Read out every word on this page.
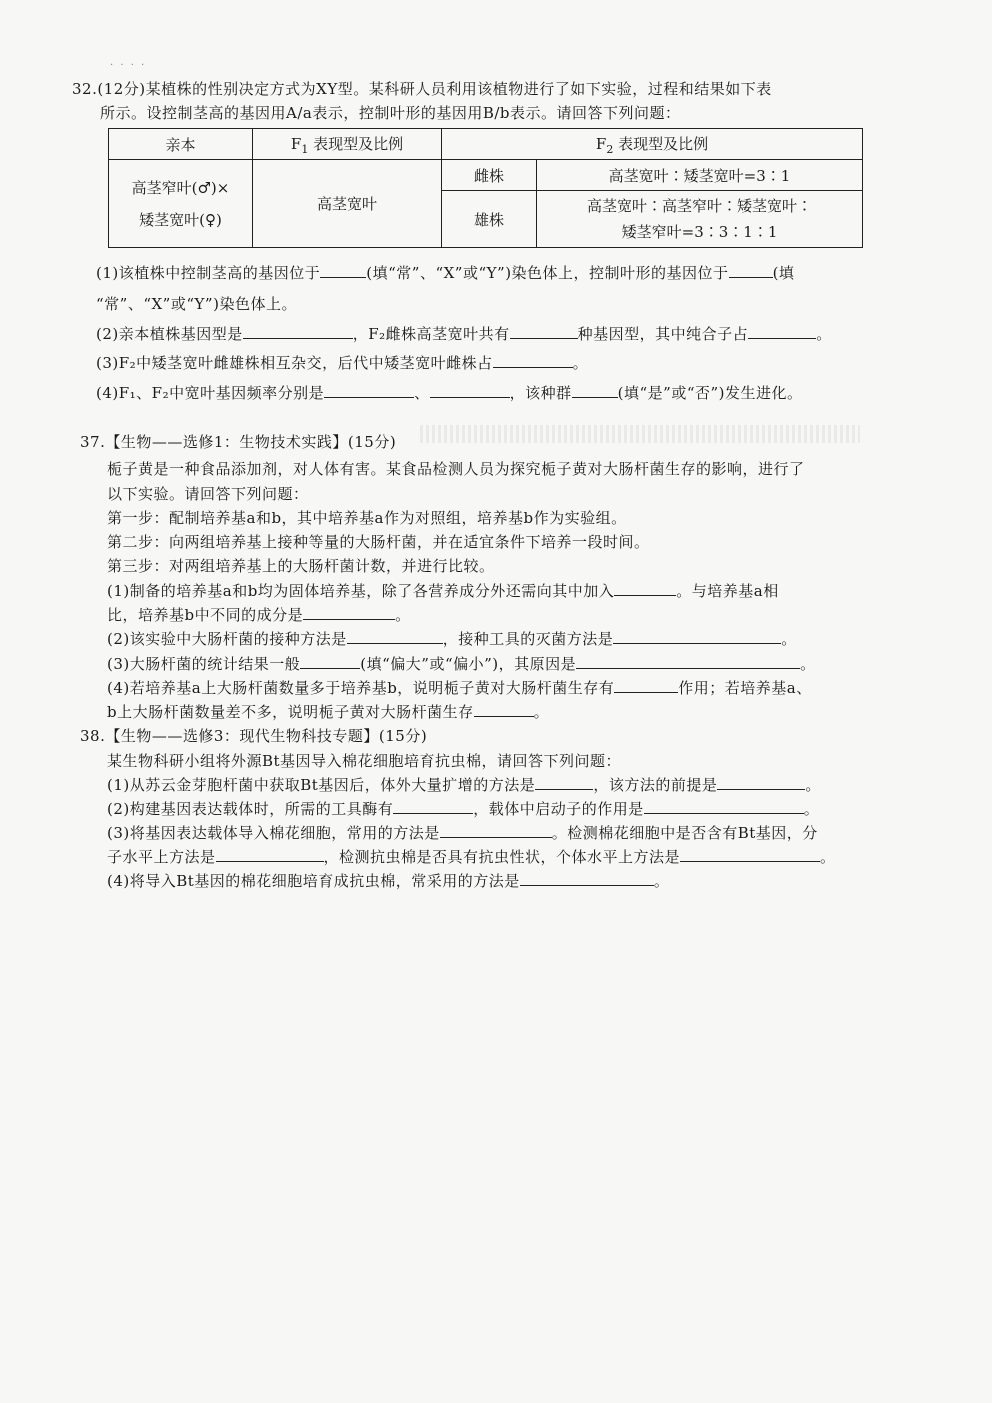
· · · ·
32.(12分)某植株的性别决定方式为XY型。某科研人员利用该植物进行了如下实验，过程和结果如下表
所示。设控制茎高的基因用A/a表示，控制叶形的基因用B/b表示。请回答下列问题：
亲本	$F_1$ 表现型及比例	$F_2$ 表现型及比例	

高茎窄叶(♂)×
矮茎宽叶(♀)	高茎宽叶	雌株	高茎宽叶∶矮茎宽叶=3∶1
		雄株	高茎宽叶∶高茎窄叶∶矮茎宽叶∶
矮茎窄叶=3∶3∶1∶1
(1)该植株中控制茎高的基因位于	(填“常”、“X”或“Y”)染色体上，控制叶形的基因位于	(填
“常”、“X”或“Y”)染色体上。
(2)亲本植株基因型是	，F₂雌株高茎宽叶共有	种基因型，其中纯合子占	。
(3)F₂中矮茎宽叶雌雄株相互杂交，后代中矮茎宽叶雌株占	。
(4)F₁、F₂中宽叶基因频率分别是	、	，该种群	(填“是”或“否”)发生进化。
37.【生物——选修1：生物技术实践】(15分)
栀子黄是一种食品添加剂，对人体有害。某食品检测人员为探究栀子黄对大肠杆菌生存的影响，进行了
以下实验。请回答下列问题：
第一步：配制培养基a和b，其中培养基a作为对照组，培养基b作为实验组。
第二步：向两组培养基上接种等量的大肠杆菌，并在适宜条件下培养一段时间。
第三步：对两组培养基上的大肠杆菌计数，并进行比较。
(1)制备的培养基a和b均为固体培养基，除了各营养成分外还需向其中加入	。与培养基a相
比，培养基b中不同的成分是	。
(2)该实验中大肠杆菌的接种方法是	，接种工具的灭菌方法是	。
(3)大肠杆菌的统计结果一般	(填“偏大”或“偏小”)，其原因是	。
(4)若培养基a上大肠杆菌数量多于培养基b，说明栀子黄对大肠杆菌生存有	作用；若培养基a、
b上大肠杆菌数量差不多，说明栀子黄对大肠杆菌生存	。
38.【生物——选修3：现代生物科技专题】(15分)
某生物科研小组将外源Bt基因导入棉花细胞培育抗虫棉，请回答下列问题：
(1)从苏云金芽胞杆菌中获取Bt基因后，体外大量扩增的方法是	，该方法的前提是	。
(2)构建基因表达载体时，所需的工具酶有	，载体中启动子的作用是	。
(3)将基因表达载体导入棉花细胞，常用的方法是	。检测棉花细胞中是否含有Bt基因，分
子水平上方法是	，检测抗虫棉是否具有抗虫性状，个体水平上方法是	。
(4)将导入Bt基因的棉花细胞培育成抗虫棉，常采用的方法是	。
